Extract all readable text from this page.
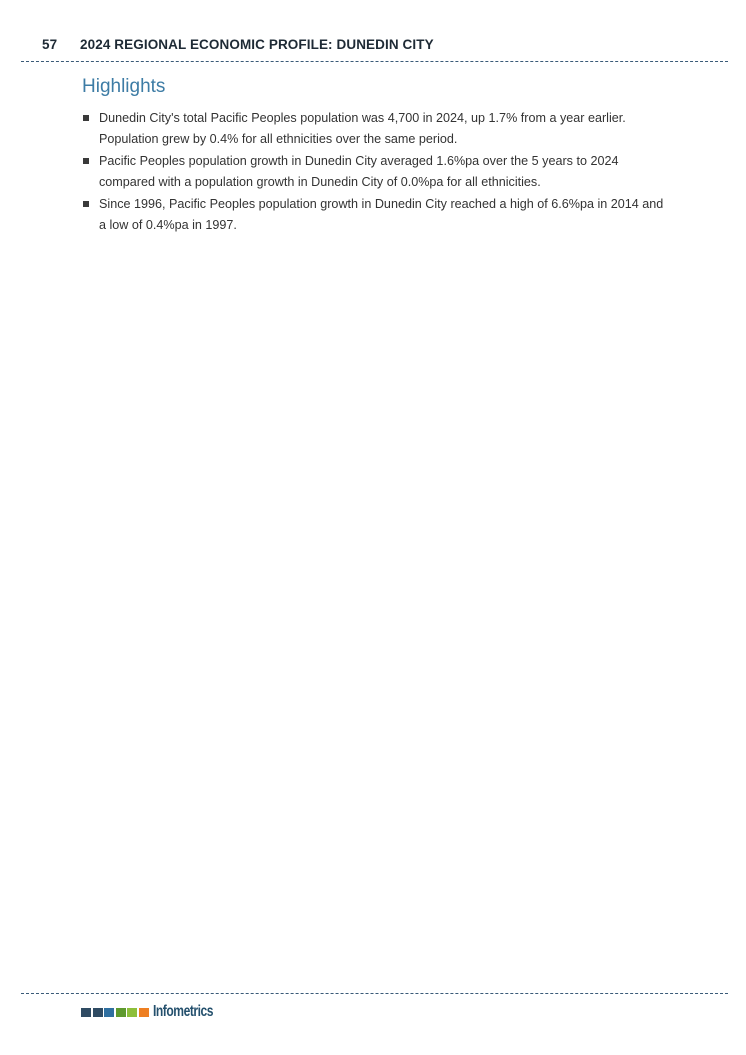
57 2024 REGIONAL ECONOMIC PROFILE: DUNEDIN CITY
Highlights
Dunedin City's total Pacific Peoples population was 4,700 in 2024, up 1.7% from a year earlier. Population grew by 0.4% for all ethnicities over the same period.
Pacific Peoples population growth in Dunedin City averaged 1.6%pa over the 5 years to 2024 compared with a population growth in Dunedin City of 0.0%pa for all ethnicities.
Since 1996, Pacific Peoples population growth in Dunedin City reached a high of 6.6%pa in 2014 and a low of 0.4%pa in 1997.
Infometrics
